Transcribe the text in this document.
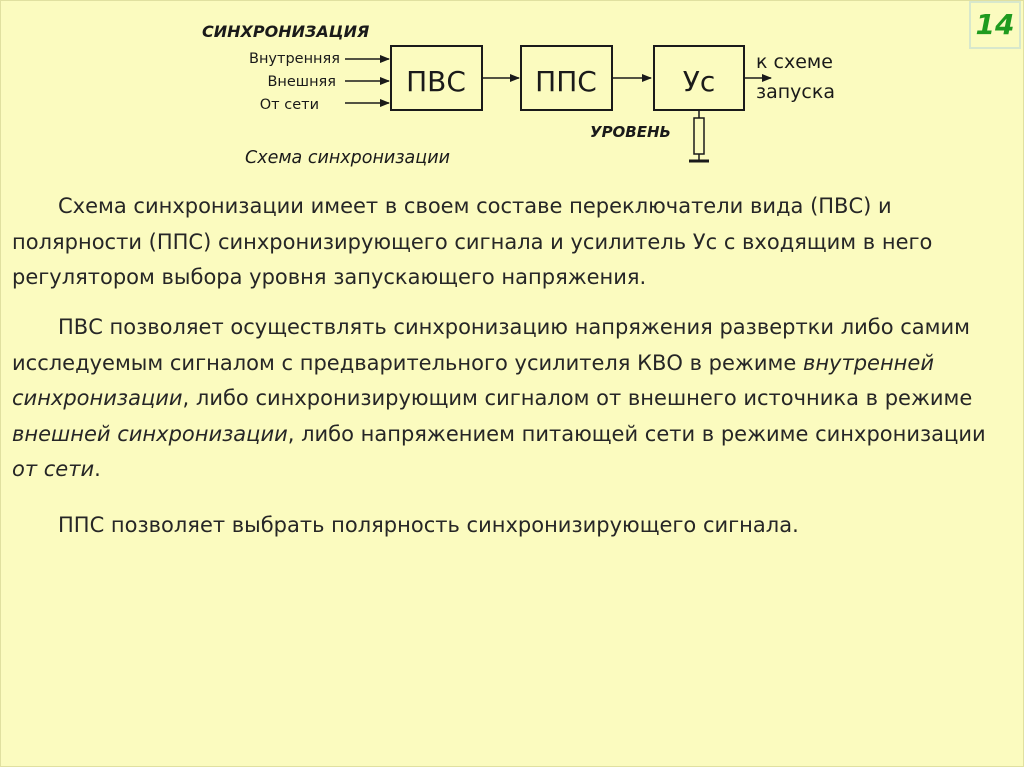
14
СИНХРОНИЗАЦИЯ
Внутренняя
Внешняя
От сети
ПВС ППС	Ус
к схеме
запуска
УРОВЕНЬ
Схема синхронизации

Схема синхронизации имеет в своем составе переключатели вида (ПВС) и полярности (ППС) синхронизирующего сигнала и усилитель Ус с входящим в него регулятором выбора уровня запускающего напряжения.

ПВС позволяет осуществлять синхронизацию напряжения развертки либо самим исследуемым сигналом с предварительного усилителя КВО в режиме внутренней синхронизации, либо синхронизирующим сигналом от внешнего источника в режиме внешней синхронизации, либо напряжением питающей сети в режиме синхронизации от сети.

ППС позволяет выбрать полярность синхронизирующего сигнала.
